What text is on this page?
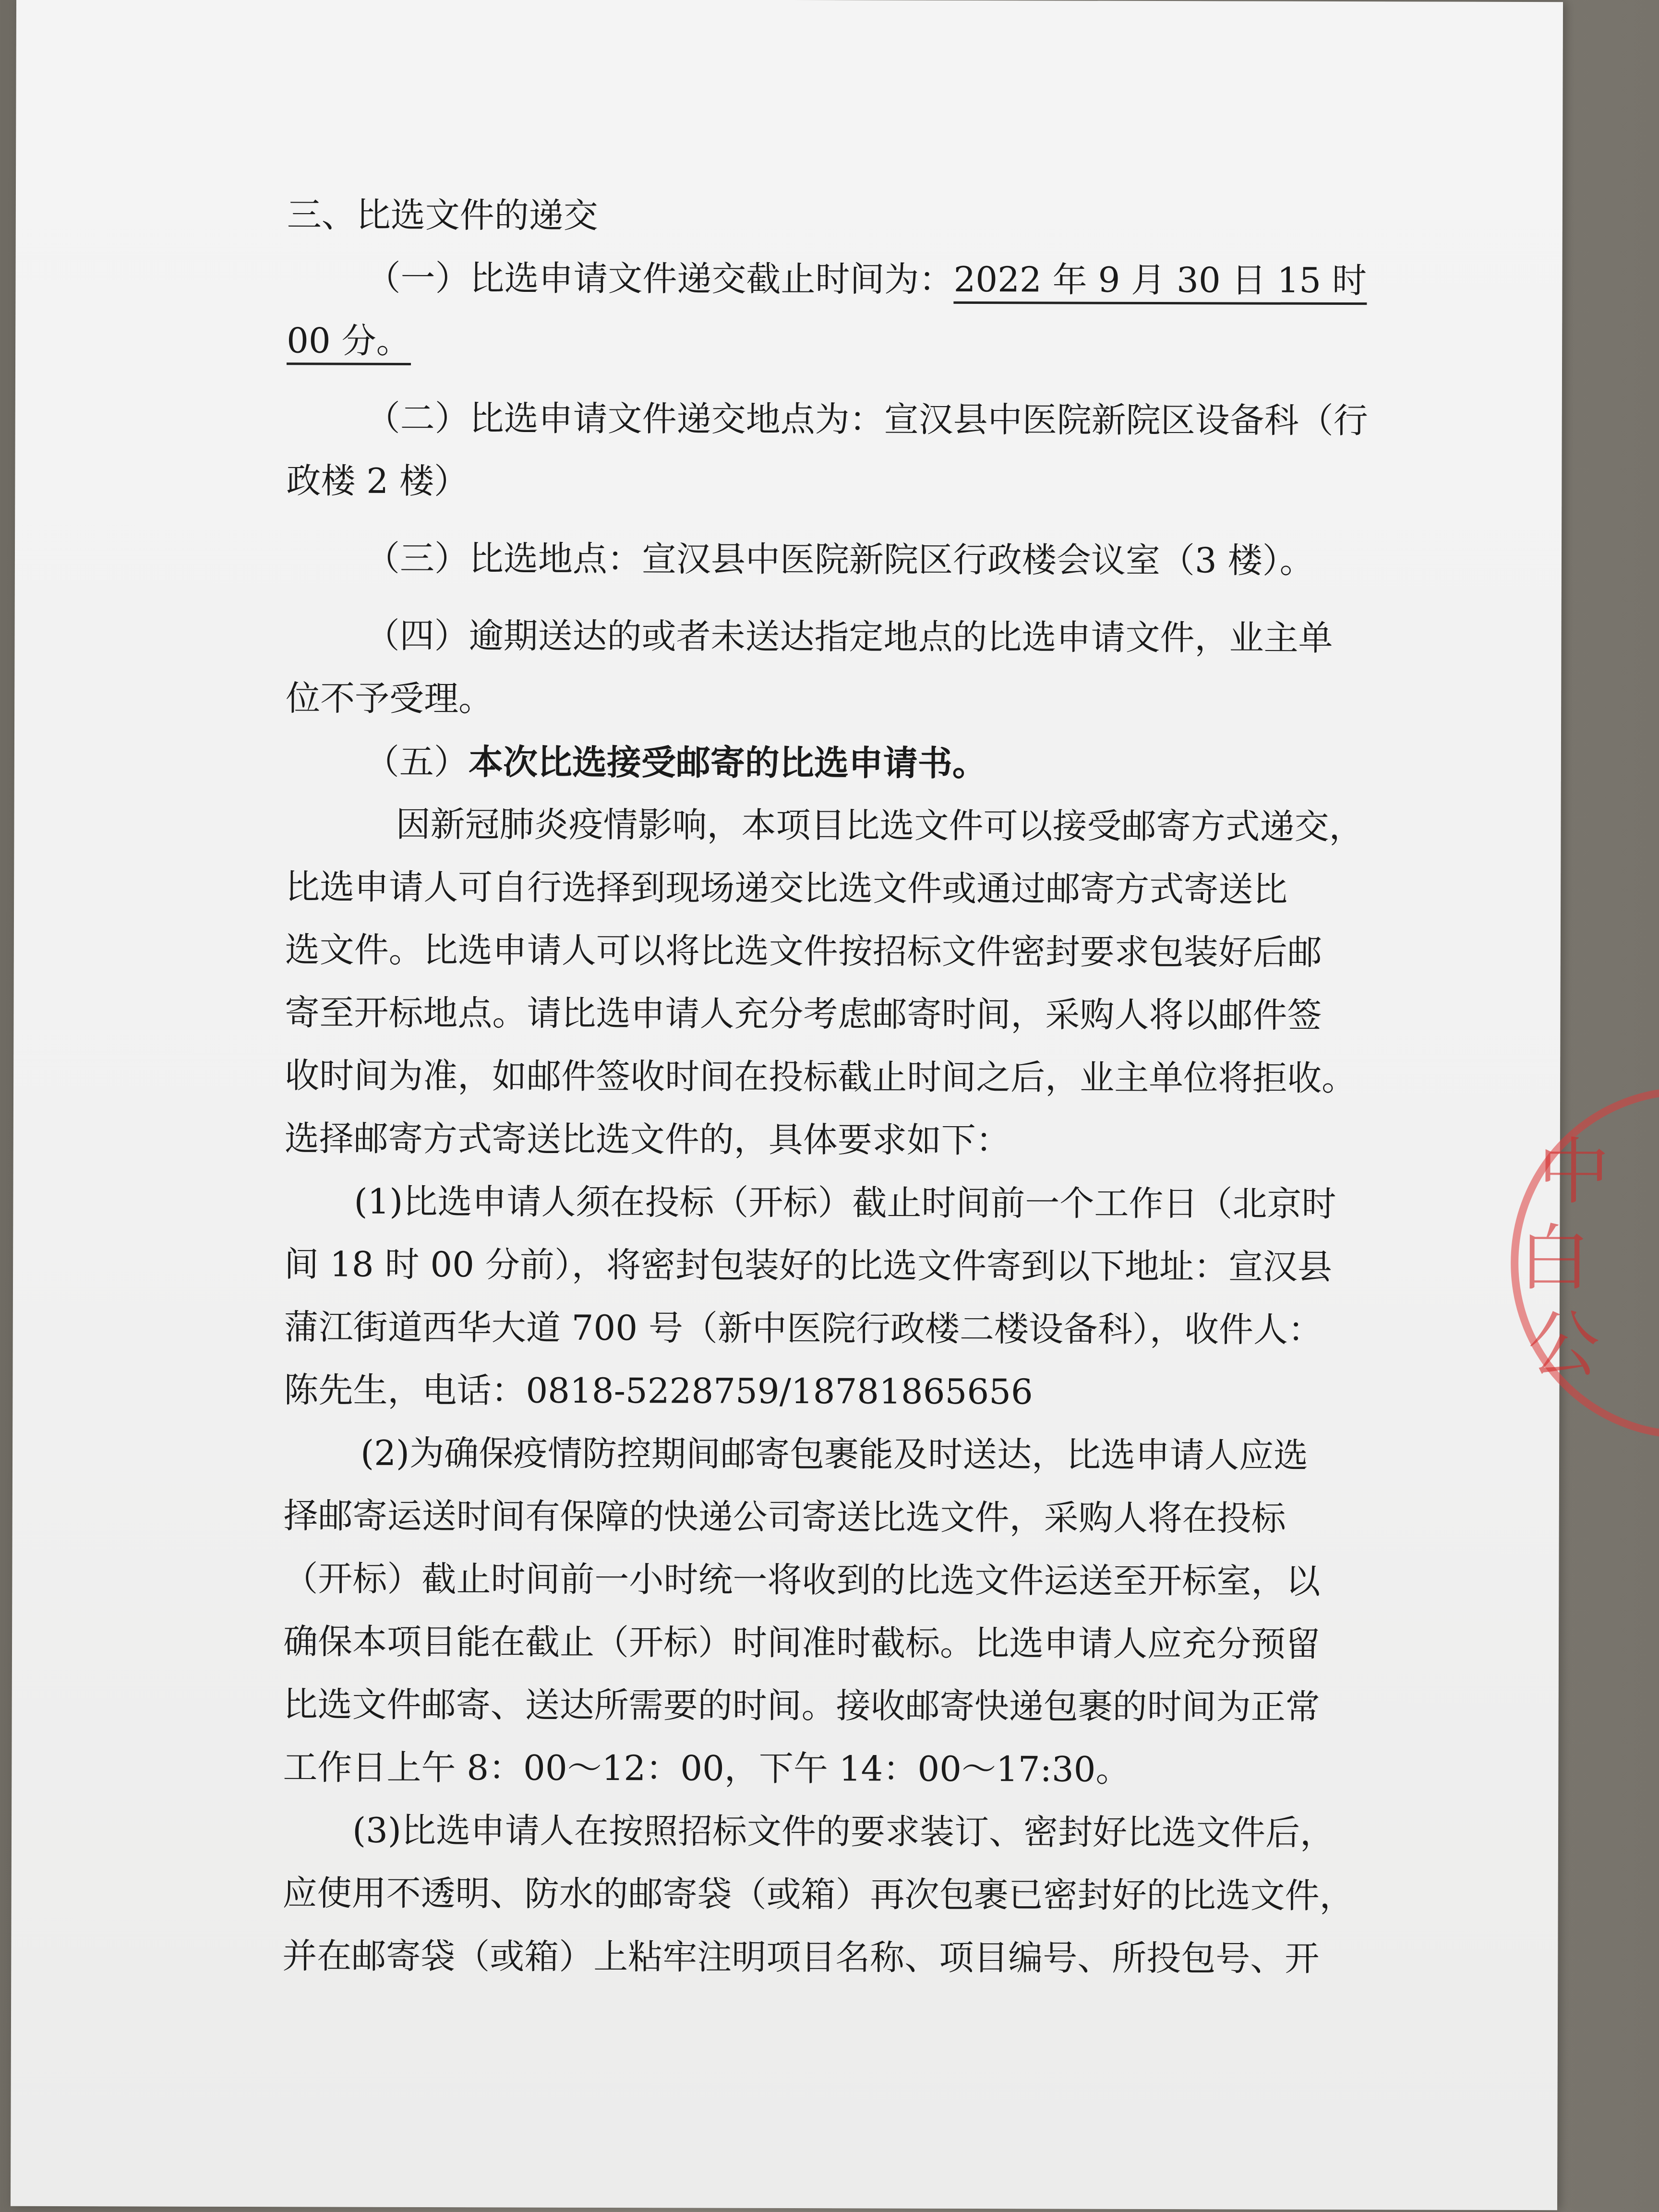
三、比选文件的递交
（一）比选申请文件递交截止时间为：2022 年 9 月 30 日 15 时
00 分。
（二）比选申请文件递交地点为：宣汉县中医院新院区设备科（行
政楼 2 楼）
（三）比选地点：宣汉县中医院新院区行政楼会议室（3 楼）。
（四）逾期送达的或者未送达指定地点的比选申请文件，业主单
位不予受理。
（五）本次比选接受邮寄的比选申请书。
因新冠肺炎疫情影响，本项目比选文件可以接受邮寄方式递交，
比选申请人可自行选择到现场递交比选文件或通过邮寄方式寄送比
选文件。比选申请人可以将比选文件按招标文件密封要求包装好后邮
寄至开标地点。请比选申请人充分考虑邮寄时间，采购人将以邮件签
收时间为准，如邮件签收时间在投标截止时间之后，业主单位将拒收。
选择邮寄方式寄送比选文件的，具体要求如下：
(1)比选申请人须在投标（开标）截止时间前一个工作日（北京时
间 18 时 00 分前），将密封包装好的比选文件寄到以下地址：宣汉县
蒲江街道西华大道 700 号（新中医院行政楼二楼设备科），收件人：
陈先生，电话：0818-5228759/18781865656
(2)为确保疫情防控期间邮寄包裹能及时送达，比选申请人应选
择邮寄运送时间有保障的快递公司寄送比选文件，采购人将在投标
（开标）截止时间前一小时统一将收到的比选文件运送至开标室，以
确保本项目能在截止（开标）时间准时截标。比选申请人应充分预留
比选文件邮寄、送达所需要的时间。接收邮寄快递包裹的时间为正常
工作日上午 8：00～12：00，下午 14：00～17:30。
(3)比选申请人在按照招标文件的要求装订、密封好比选文件后，
应使用不透明、防水的邮寄袋（或箱）再次包裹已密封好的比选文件，
并在邮寄袋（或箱）上粘牢注明项目名称、项目编号、所投包号、开
中
白
公
